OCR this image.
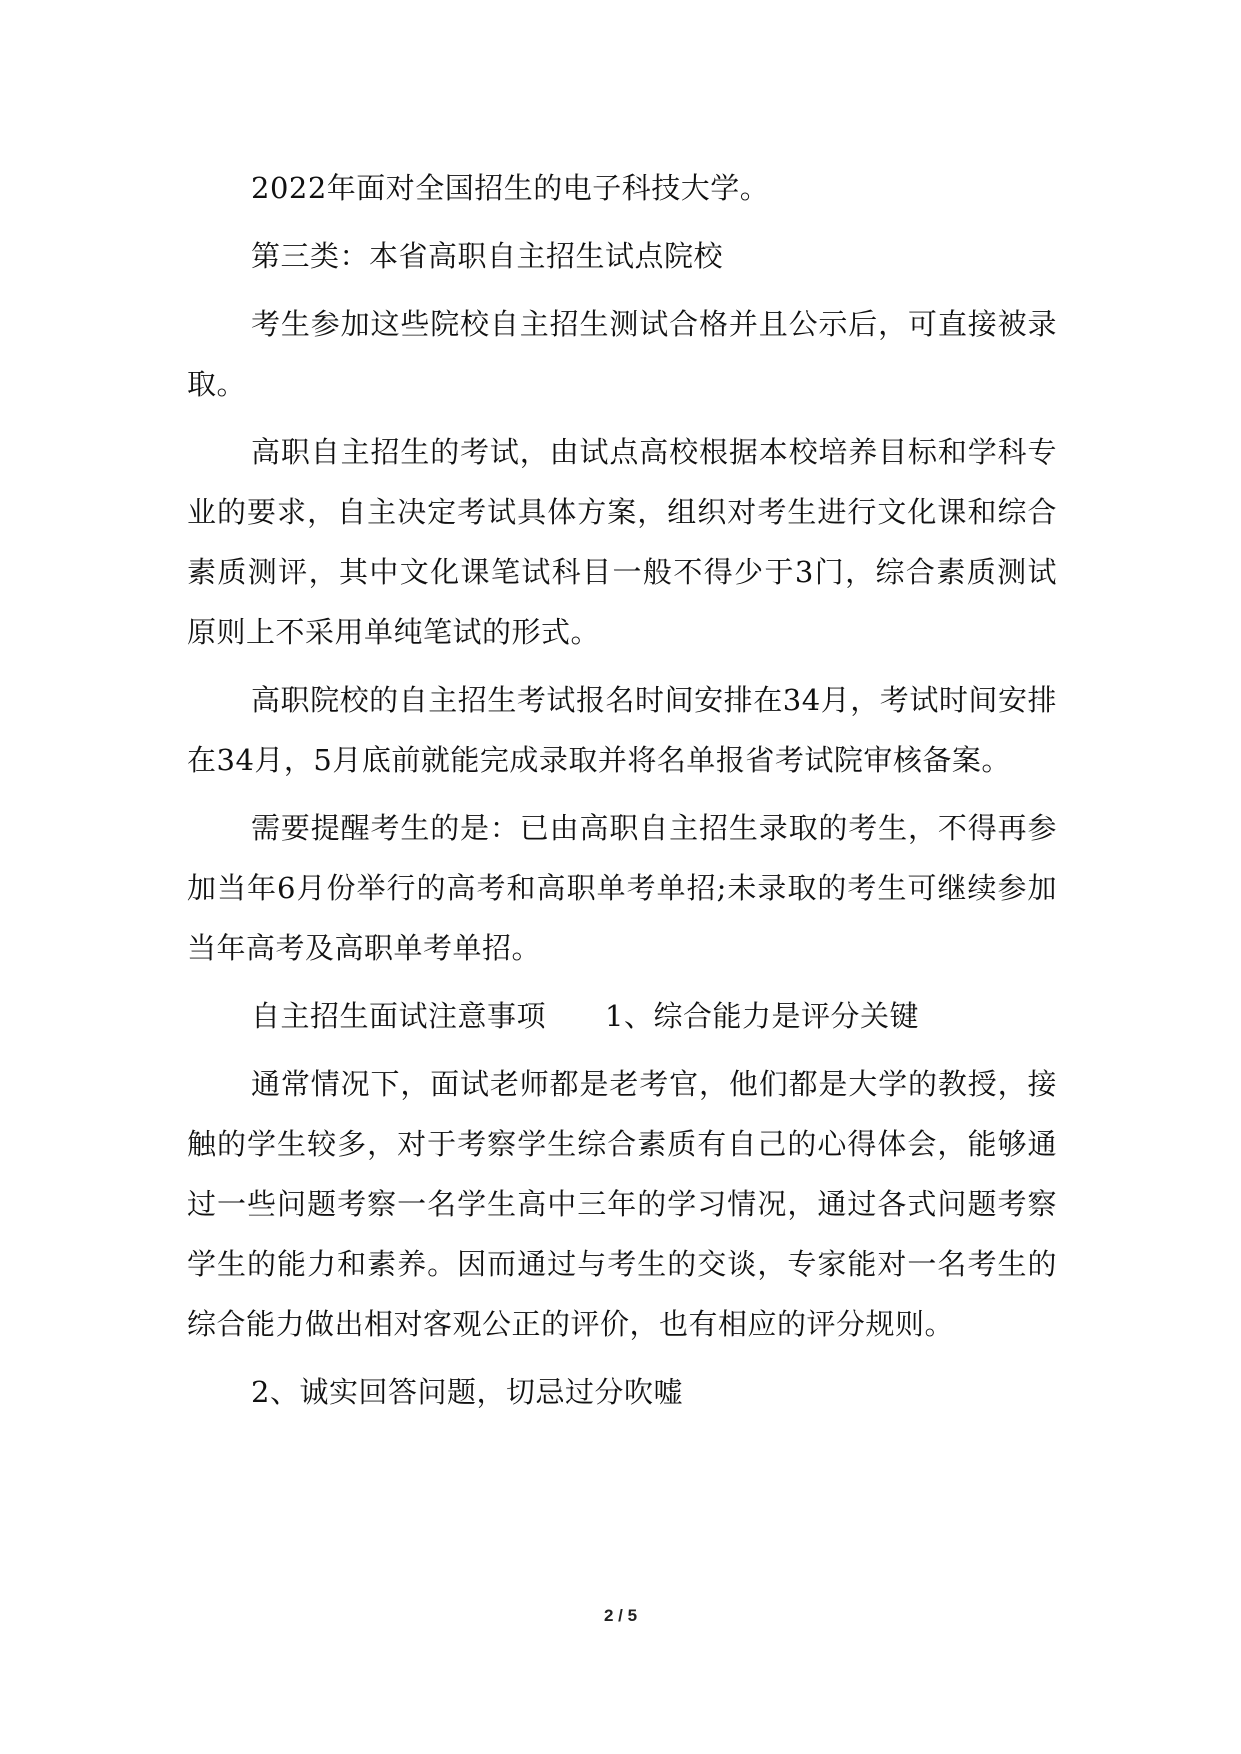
2022年面对全国招生的电子科技大学。

第三类：本省高职自主招生试点院校

考生参加这些院校自主招生测试合格并且公示后，可直接被录取。

高职自主招生的考试，由试点高校根据本校培养目标和学科专业的要求，自主决定考试具体方案，组织对考生进行文化课和综合素质测评，其中文化课笔试科目一般不得少于3门，综合素质测试原则上不采用单纯笔试的形式。

高职院校的自主招生考试报名时间安排在34月，考试时间安排在34月，5月底前就能完成录取并将名单报省考试院审核备案。

需要提醒考生的是：已由高职自主招生录取的考生，不得再参加当年6月份举行的高考和高职单考单招;未录取的考生可继续参加当年高考及高职单考单招。

自主招生面试注意事项　　1、综合能力是评分关键

通常情况下，面试老师都是老考官，他们都是大学的教授，接触的学生较多，对于考察学生综合素质有自己的心得体会，能够通过一些问题考察一名学生高中三年的学习情况，通过各式问题考察学生的能力和素养。因而通过与考生的交谈，专家能对一名考生的综合能力做出相对客观公正的评价，也有相应的评分规则。

2、诚实回答问题，切忌过分吹嘘

2 / 5
